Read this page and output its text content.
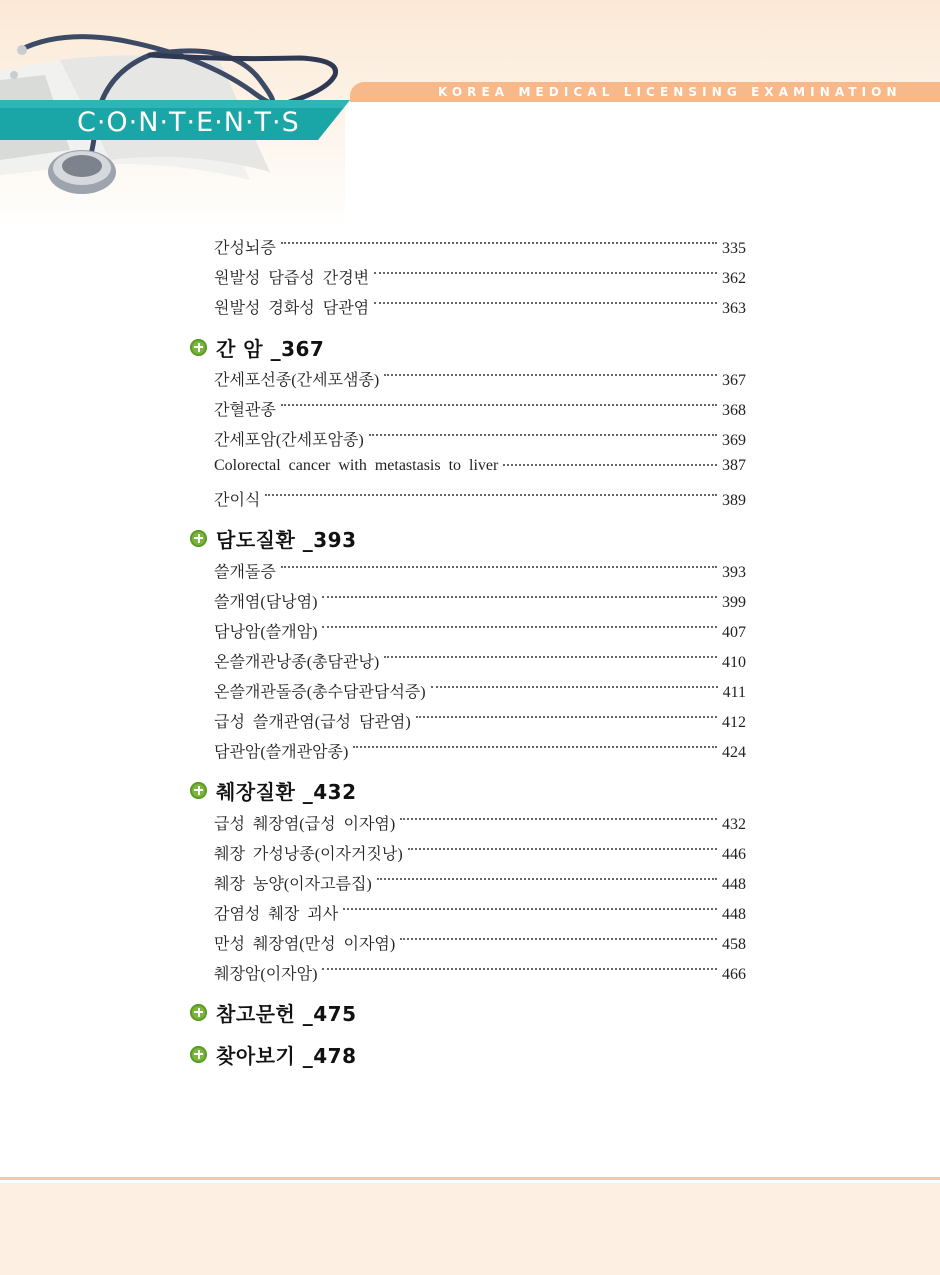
KOREA MEDICAL LICENSING EXAMINATION
C·O·N·T·E·N·T·S
간성뇌증	335
원발성 담즙성 간경변	362
원발성 경화성 담관염	363
간 암 _367
간세포선종(간세포샘종)	367
간혈관종	368
간세포암(간세포암종)	369
Colorectal cancer with metastasis to liver	387
간이식	389
담도질환 _393
쓸개돌증	393
쓸개염(담낭염)	399
담낭암(쓸개암)	407
온쓸개관낭종(총담관낭)	410
온쓸개관돌증(총수담관담석증)	411
급성 쓸개관염(급성 담관염)	412
담관암(쓸개관암종)	424
췌장질환 _432
급성 췌장염(급성 이자염)	432
췌장 가성낭종(이자거짓낭)	446
췌장 농양(이자고름집)	448
감염성 췌장 괴사	448
만성 췌장염(만성 이자염)	458
췌장암(이자암)	466
참고문헌 _475
찾아보기 _478
